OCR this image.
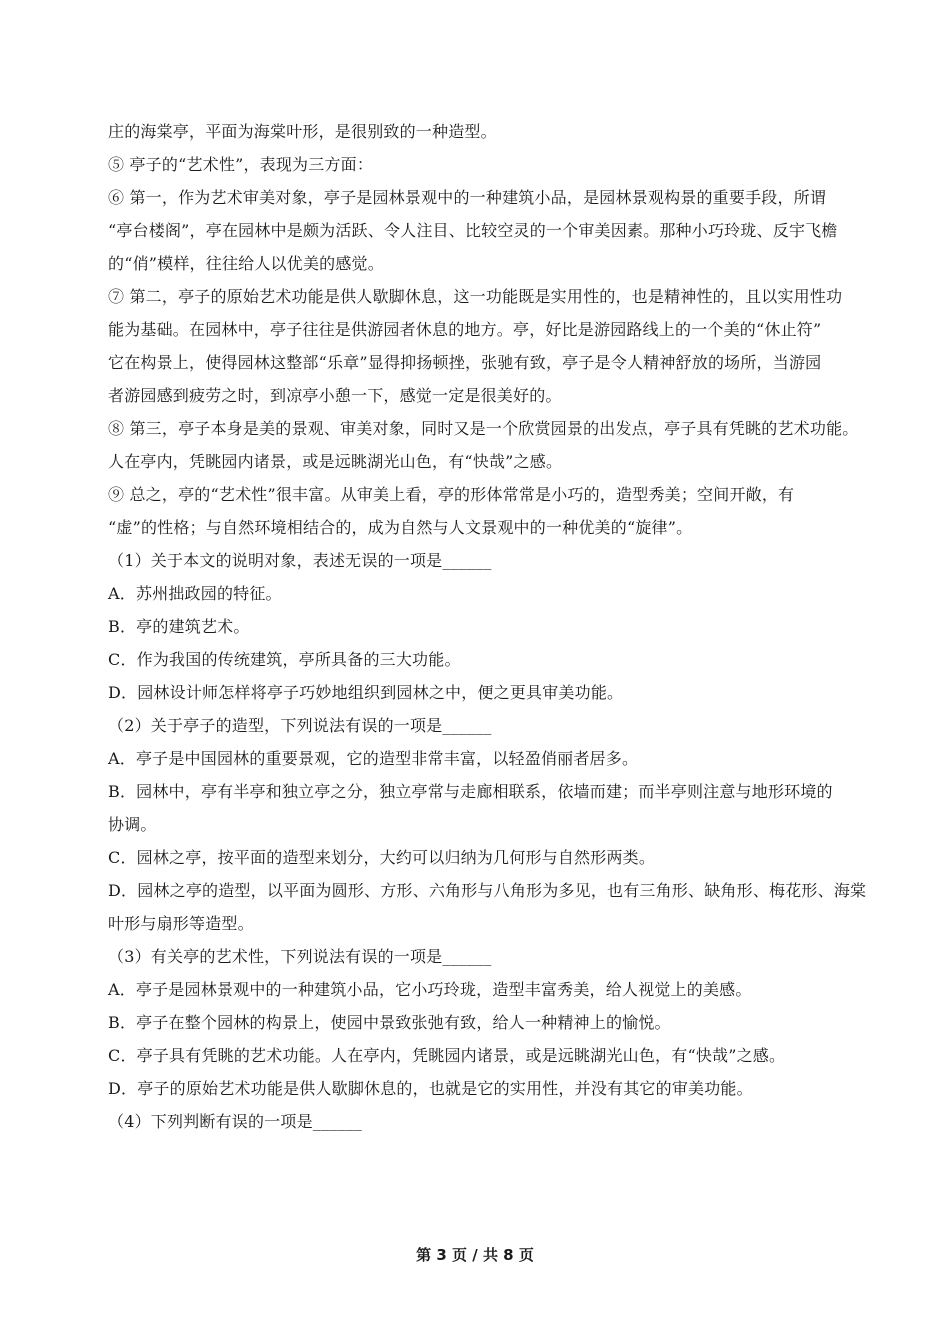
庄的海棠亭，平面为海棠叶形，是很别致的一种造型。

⑤ 亭子的“艺术性”，表现为三方面：

⑥ 第一，作为艺术审美对象，亭子是园林景观中的一种建筑小品，是园林景观构景的重要手段，所谓

“亭台楼阁”，亭在园林中是颇为活跃、令人注目、比较空灵的一个审美因素。那种小巧玲珑、反宇飞檐

的“俏”模样，往往给人以优美的感觉。

⑦ 第二，亭子的原始艺术功能是供人歇脚休息，这一功能既是实用性的，也是精神性的，且以实用性功

能为基础。在园林中，亭子往往是供游园者休息的地方。亭，好比是游园路线上的一个美的“休止符”

它在构景上，使得园林这整部“乐章”显得抑扬顿挫，张驰有致，亭子是令人精神舒放的场所，当游园

者游园感到疲劳之时，到凉亭小憩一下，感觉一定是很美好的。

⑧ 第三，亭子本身是美的景观、审美对象，同时又是一个欣赏园景的出发点，亭子具有凭眺的艺术功能。

人在亭内，凭眺园内诸景，或是远眺湖光山色，有“快哉”之感。

⑨ 总之，亭的“艺术性”很丰富。从审美上看，亭的形体常常是小巧的，造型秀美；空间开敞，有

“虚”的性格；与自然环境相结合的，成为自然与人文景观中的一种优美的“旋律”。

（1）关于本文的说明对象，表述无误的一项是______

A．苏州拙政园的特征。

B．亭的建筑艺术。

C．作为我国的传统建筑，亭所具备的三大功能。

D．园林设计师怎样将亭子巧妙地组织到园林之中，便之更具审美功能。

（2）关于亭子的造型，下列说法有误的一项是______

A．亭子是中国园林的重要景观，它的造型非常丰富，以轻盈俏丽者居多。

B．园林中，亭有半亭和独立亭之分，独立亭常与走廊相联系，依墙而建；而半亭则注意与地形环境的

协调。

C．园林之亭，按平面的造型来划分，大约可以归纳为几何形与自然形两类。

D．园林之亭的造型，以平面为圆形、方形、六角形与八角形为多见，也有三角形、缺角形、梅花形、海棠

叶形与扇形等造型。

（3）有关亭的艺术性，下列说法有误的一项是______

A．亭子是园林景观中的一种建筑小品，它小巧玲珑，造型丰富秀美，给人视觉上的美感。

B．亭子在整个园林的构景上，使园中景致张弛有致，给人一种精神上的愉悦。

C．亭子具有凭眺的艺术功能。人在亭内，凭眺园内诸景，或是远眺湖光山色，有“快哉”之感。

D．亭子的原始艺术功能是供人歇脚休息的，也就是它的实用性，并没有其它的审美功能。

（4）下列判断有误的一项是______

第 3 页 / 共 8 页
